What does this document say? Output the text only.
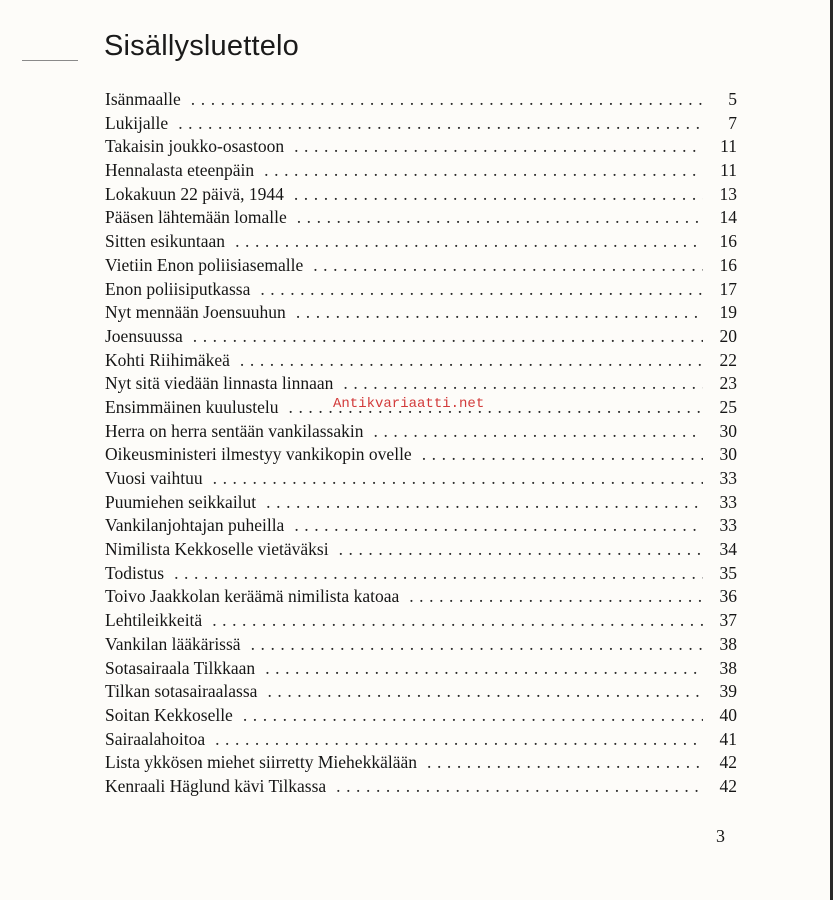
Sisällysluettelo
Isänmaalle . . .	5
Lukijalle . . .	7
Takaisin joukko-osastoon . . .	11
Hennalasta eteenpäin . . .	11
Lokakuun 22 päivä, 1944 . . .	13
Pääsen lähtemään lomalle . . .	14
Sitten esikuntaan . . .	16
Vietiin Enon poliisiasemalle . . .	16
Enon poliisiputkassa . . .	17
Nyt mennään Joensuuhun . . .	19
Joensuussa . . .	20
Kohti Riihimäkeä . . .	22
Nyt sitä viedään linnasta linnaan . . .	23
Ensimmäinen kuulustelu . . .	25
Herra on herra sentään vankilassakin . . .	30
Oikeusministeri ilmestyy vankikopin ovelle . . .	30
Vuosi vaihtuu . . .	33
Puumiehen seikkailut . . .	33
Vankilanjohtajan puheilla . . .	33
Nimilista Kekkoselle vietäväksi . . .	34
Todistus . . .	35
Toivo Jaakkolan keräämä nimilista katoaa . . .	36
Lehtileikkeitä . . .	37
Vankilan lääkärissä . . .	38
Sotasairaala Tilkkaan . . .	38
Tilkan sotasairaalassa . . .	39
Soitan Kekkoselle . . .	40
Sairaalahoitoa . . .	41
Lista ykkösen miehet siirretty Miehekkälään . . .	42
Kenraali Häglund kävi Tilkassa . . .	42
Antikvariaatti.net
3
